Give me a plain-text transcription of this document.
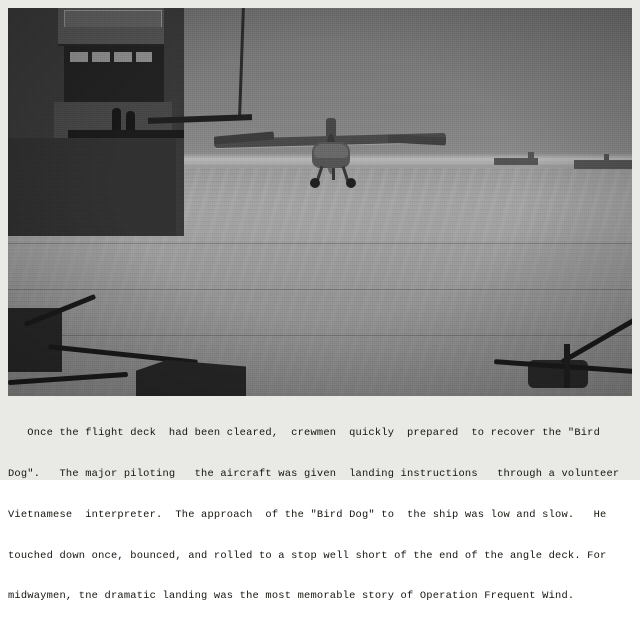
Once the flight deck  had been cleared,  crewmen  quickly  prepared  to recover the "Bird

Dog".   The major piloting   the aircraft was given  landing instructions   through a volunteer

Vietnamese  interpreter.  The approach  of the "Bird Dog" to  the ship was low and slow.   He

touched down once, bounced, and rolled to a stop well short of the end of the angle deck. For

midwaymen, tne dramatic landing was the most memorable story of Operation Frequent Wind.
